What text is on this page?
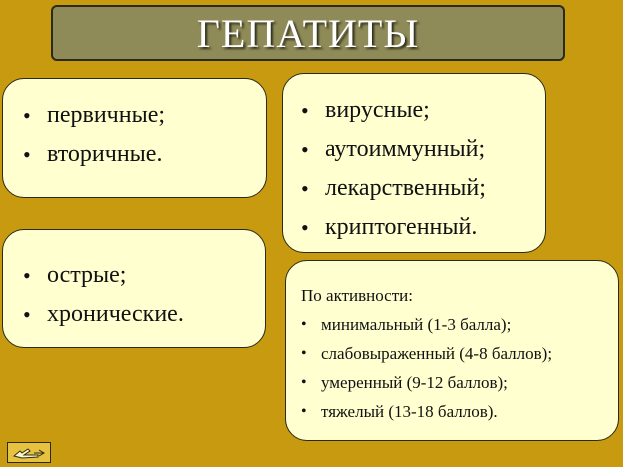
ГЕПАТИТЫ
• первичные;
• вторичные.
• вирусные;
• аутоиммунный;
• лекарственный;
• криптогенный.
• острые;
• хронические.
По активности:
• минимальный (1-3 балла);
• слабовыраженный (4-8 баллов);
• умеренный (9-12 баллов);
• тяжелый (13-18 баллов).
